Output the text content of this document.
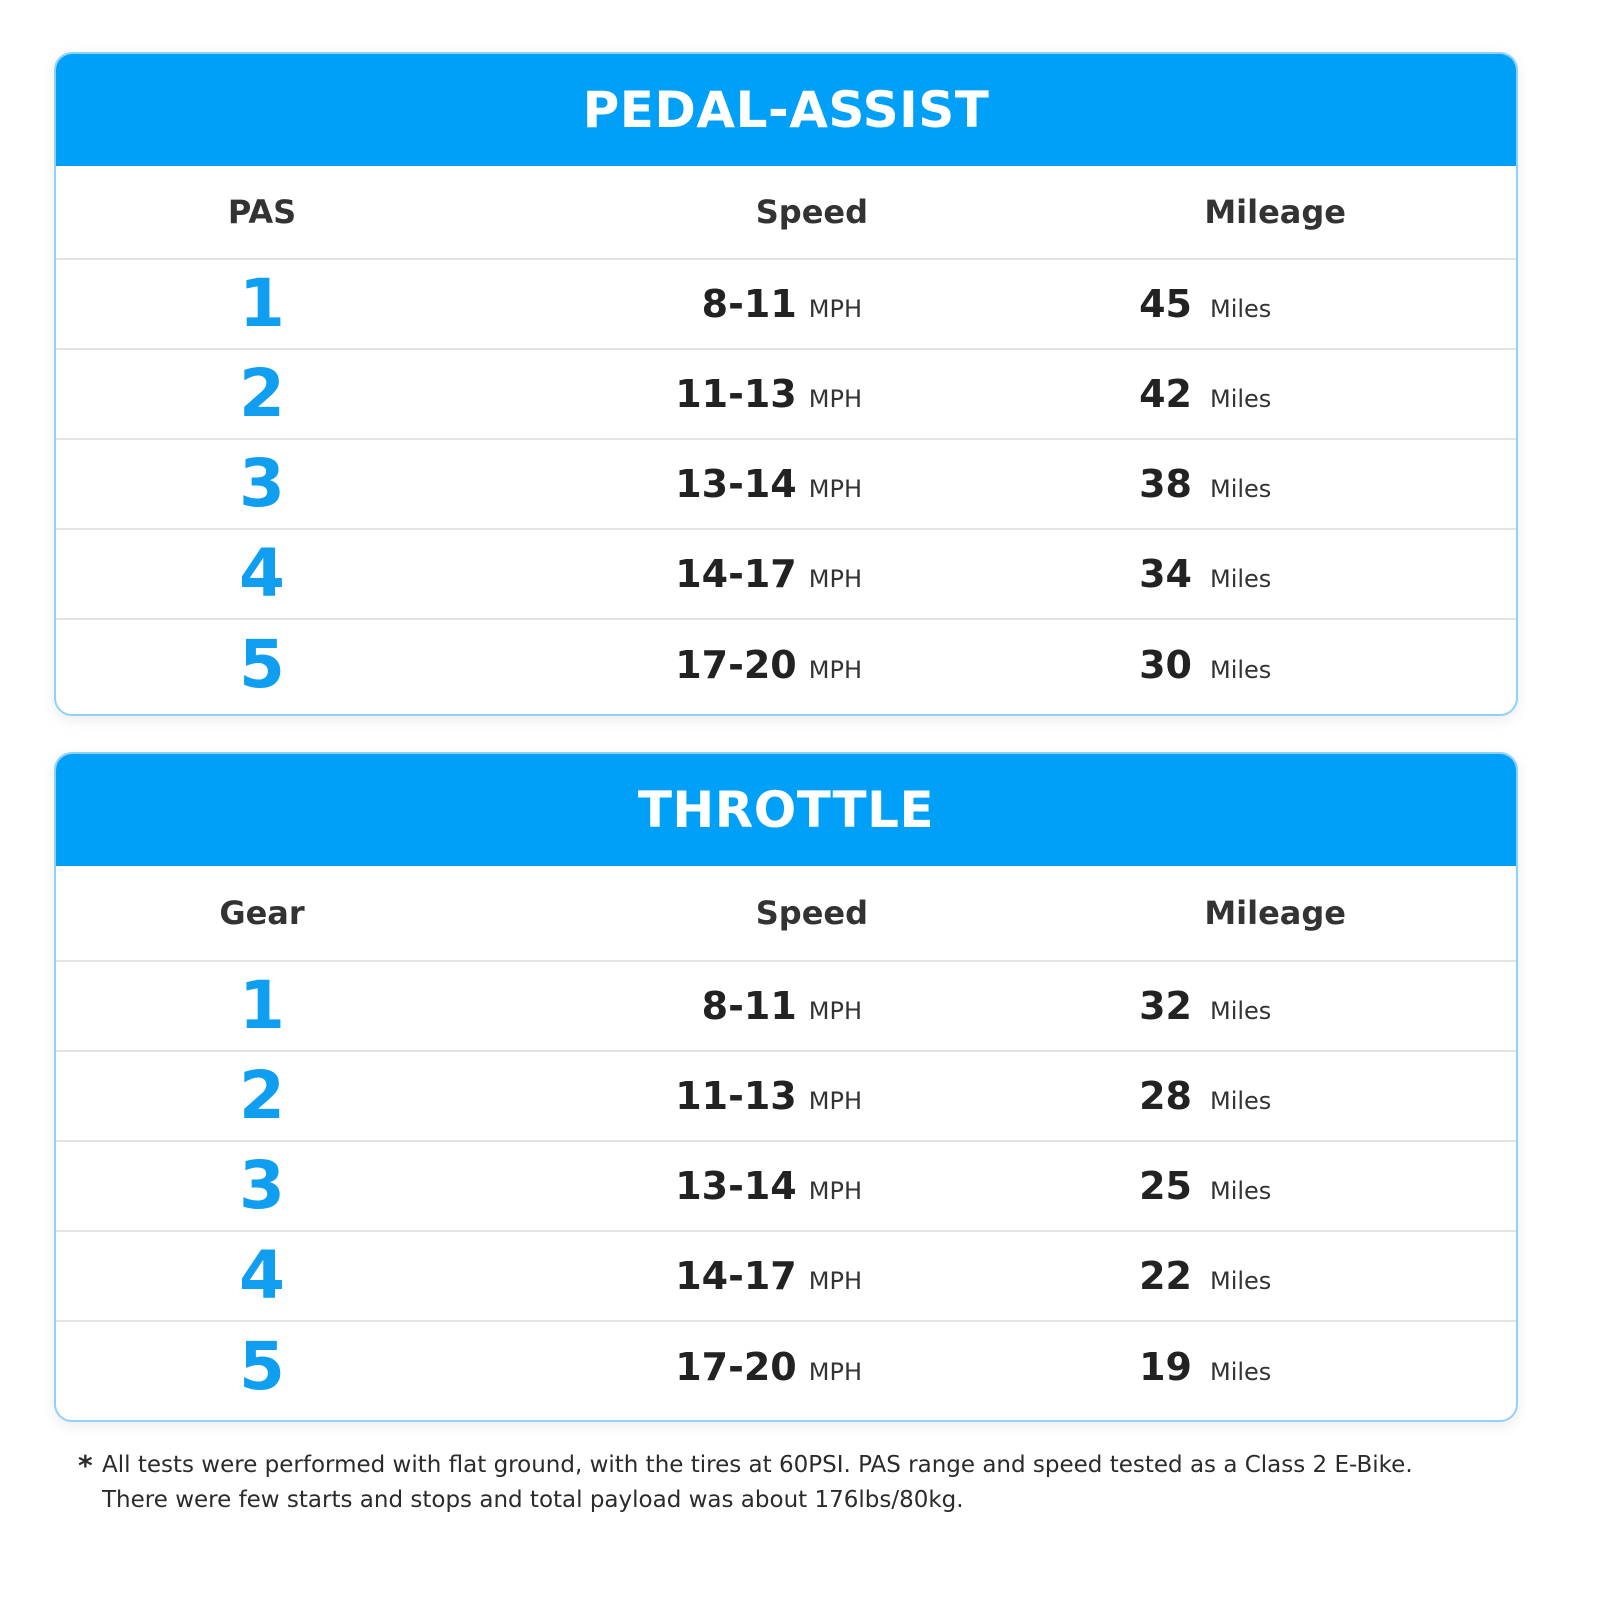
PEDAL-ASSIST
PAS	Speed	Mileage
1	8-11 MPH	45 Miles
2	11-13 MPH	42 Miles
3	13-14 MPH	38 Miles
4	14-17 MPH	34 Miles
5	17-20 MPH	30 Miles
THROTTLE
Gear	Speed	Mileage
1	8-11 MPH	32 Miles
2	11-13 MPH	28 Miles
3	13-14 MPH	25 Miles
4	14-17 MPH	22 Miles
5	17-20 MPH	19 Miles
* All tests were performed with flat ground, with the tires at 60PSI. PAS range and speed tested as a Class 2 E-Bike.
There were few starts and stops and total payload was about 176lbs/80kg.
